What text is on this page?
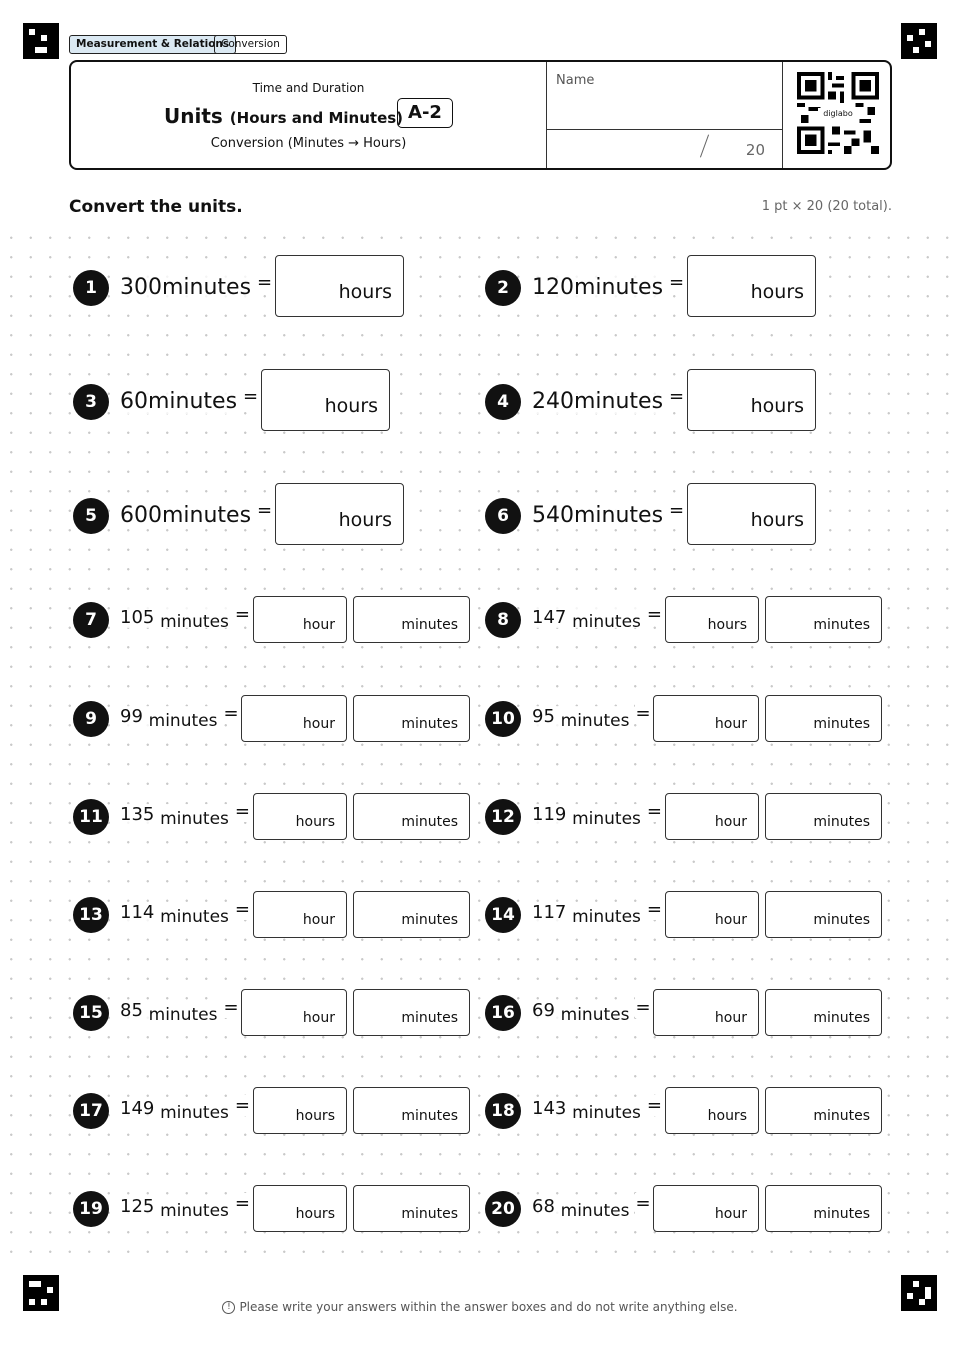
Measurement & Relations
Conversion
Time and Duration
Units (Hours and Minutes) A-2
Conversion (Minutes → Hours)
Name
20
diglabo
Convert the units.	1 pt × 20 (20 total).
1	300minutes =	hours	2	120minutes =	hours
3	60minutes =	hours	4	240minutes =	hours
5	600minutes =	hours	6	540minutes =	hours
7	105 minutes =	hour	minutes	8	147 minutes =	hours	minutes
9	99 minutes =	hour	minutes	10 95 minutes =	hour	minutes
11 135 minutes =	hours	minutes	12 119 minutes =	hour	minutes
13 114 minutes =	hour	minutes	14 117 minutes =	hour	minutes
15 85 minutes =	hour	minutes	16 69 minutes =	hour	minutes
17 149 minutes =	hours	minutes	18 143 minutes =	hours	minutes
19 125 minutes =	hours	minutes	20 68 minutes =	hour	minutes
! Please write your answers within the answer boxes and do not write anything else.
